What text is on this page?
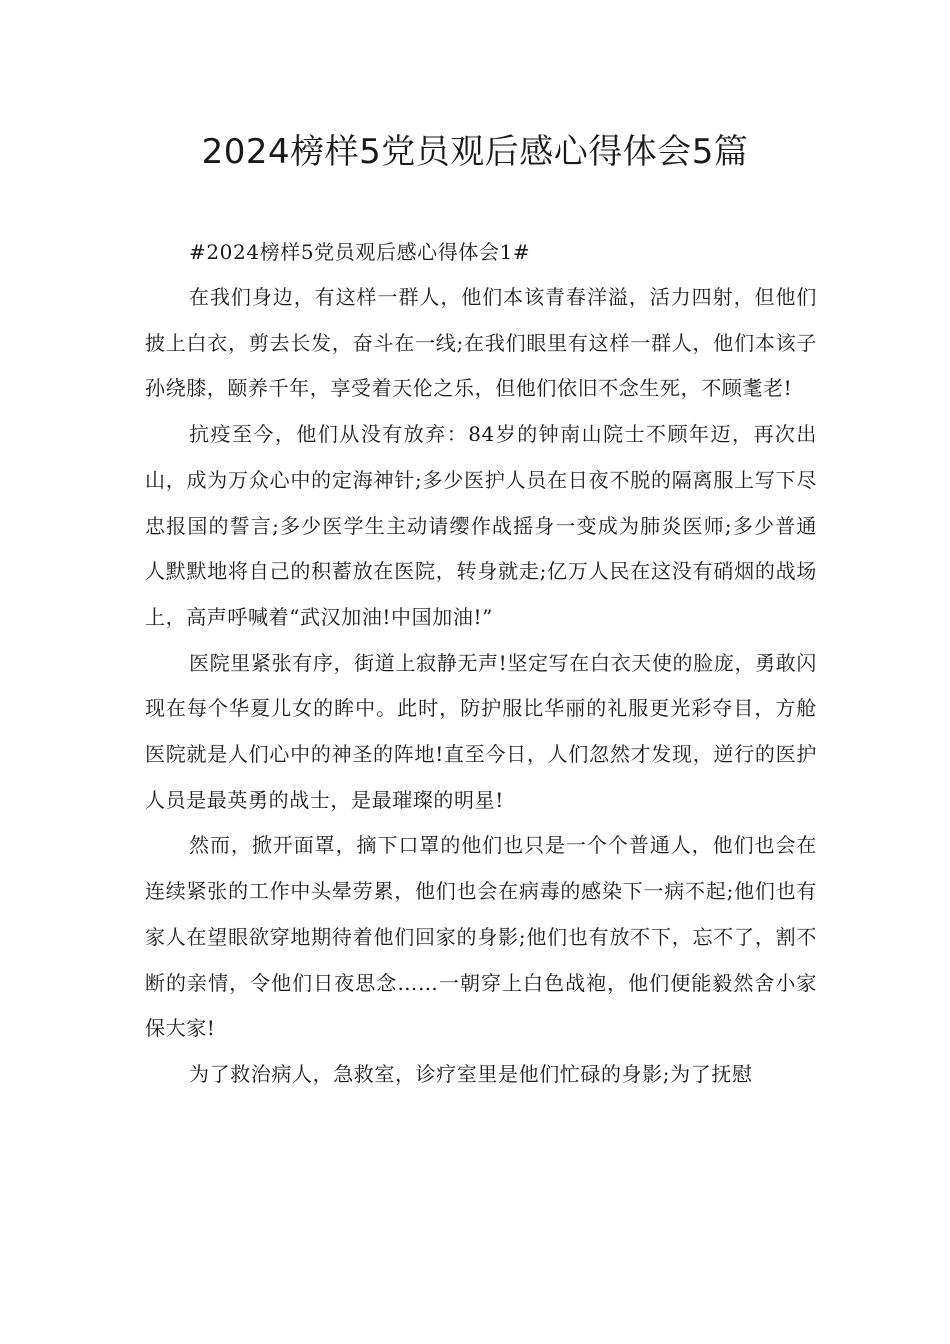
2024榜样5党员观后感心得体会5篇
#2024榜样5党员观后感心得体会1#

在我们身边，有这样一群人，他们本该青春洋溢，活力四射，但他们披上白衣，剪去长发，奋斗在一线;在我们眼里有这样一群人，他们本该子孙绕膝，颐养千年，享受着天伦之乐，但他们依旧不念生死，不顾耄老!

抗疫至今，他们从没有放弃：84岁的钟南山院士不顾年迈，再次出山，成为万众心中的定海神针;多少医护人员在日夜不脱的隔离服上写下尽忠报国的誓言;多少医学生主动请缨作战摇身一变成为肺炎医师;多少普通人默默地将自己的积蓄放在医院，转身就走;亿万人民在这没有硝烟的战场上，高声呼喊着“武汉加油!中国加油!”

医院里紧张有序，街道上寂静无声!坚定写在白衣天使的脸庞，勇敢闪现在每个华夏儿女的眸中。此时，防护服比华丽的礼服更光彩夺目，方舱医院就是人们心中的神圣的阵地!直至今日，人们忽然才发现，逆行的医护人员是最英勇的战士，是最璀璨的明星!

然而，掀开面罩，摘下口罩的他们也只是一个个普通人，他们也会在连续紧张的工作中头晕劳累，他们也会在病毒的感染下一病不起;他们也有家人在望眼欲穿地期待着他们回家的身影;他们也有放不下，忘不了，割不断的亲情，令他们日夜思念……一朝穿上白色战袍，他们便能毅然舍小家保大家!

为了救治病人，急救室，诊疗室里是他们忙碌的身影;为了抚慰
